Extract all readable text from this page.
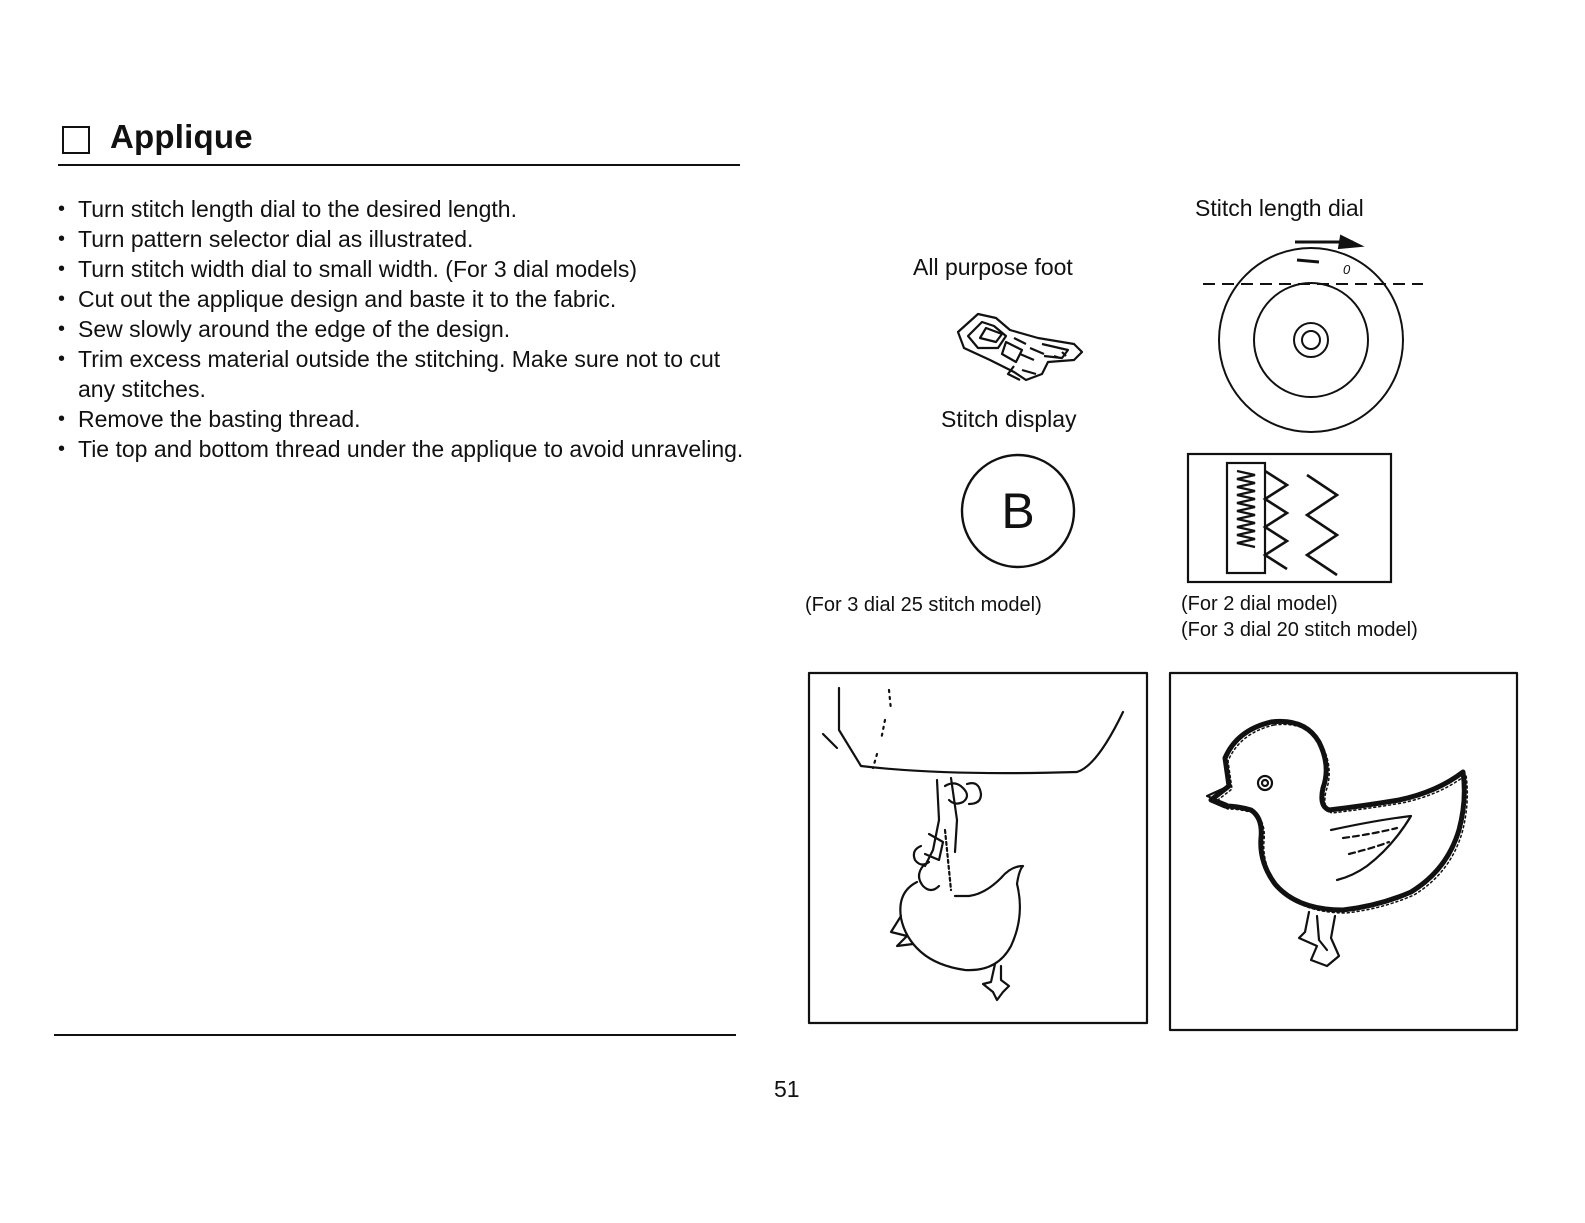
Applique
• Turn stitch length dial to the desired length.
• Turn pattern selector dial as illustrated.
• Turn stitch width dial to small width. (For 3 dial models)
• Cut out the applique design and baste it to the fabric.
• Sew slowly around the edge of the design.
• Trim excess material outside the stitching. Make sure not to cut any stitches.
• Remove the basting thread.
• Tie top and bottom thread under the applique to avoid unraveling.
All purpose foot
Stitch length dial
Stitch display
0
B
(For 3 dial 25 stitch model)	(For 2 dial model)
(For 3 dial 20 stitch model)
51
